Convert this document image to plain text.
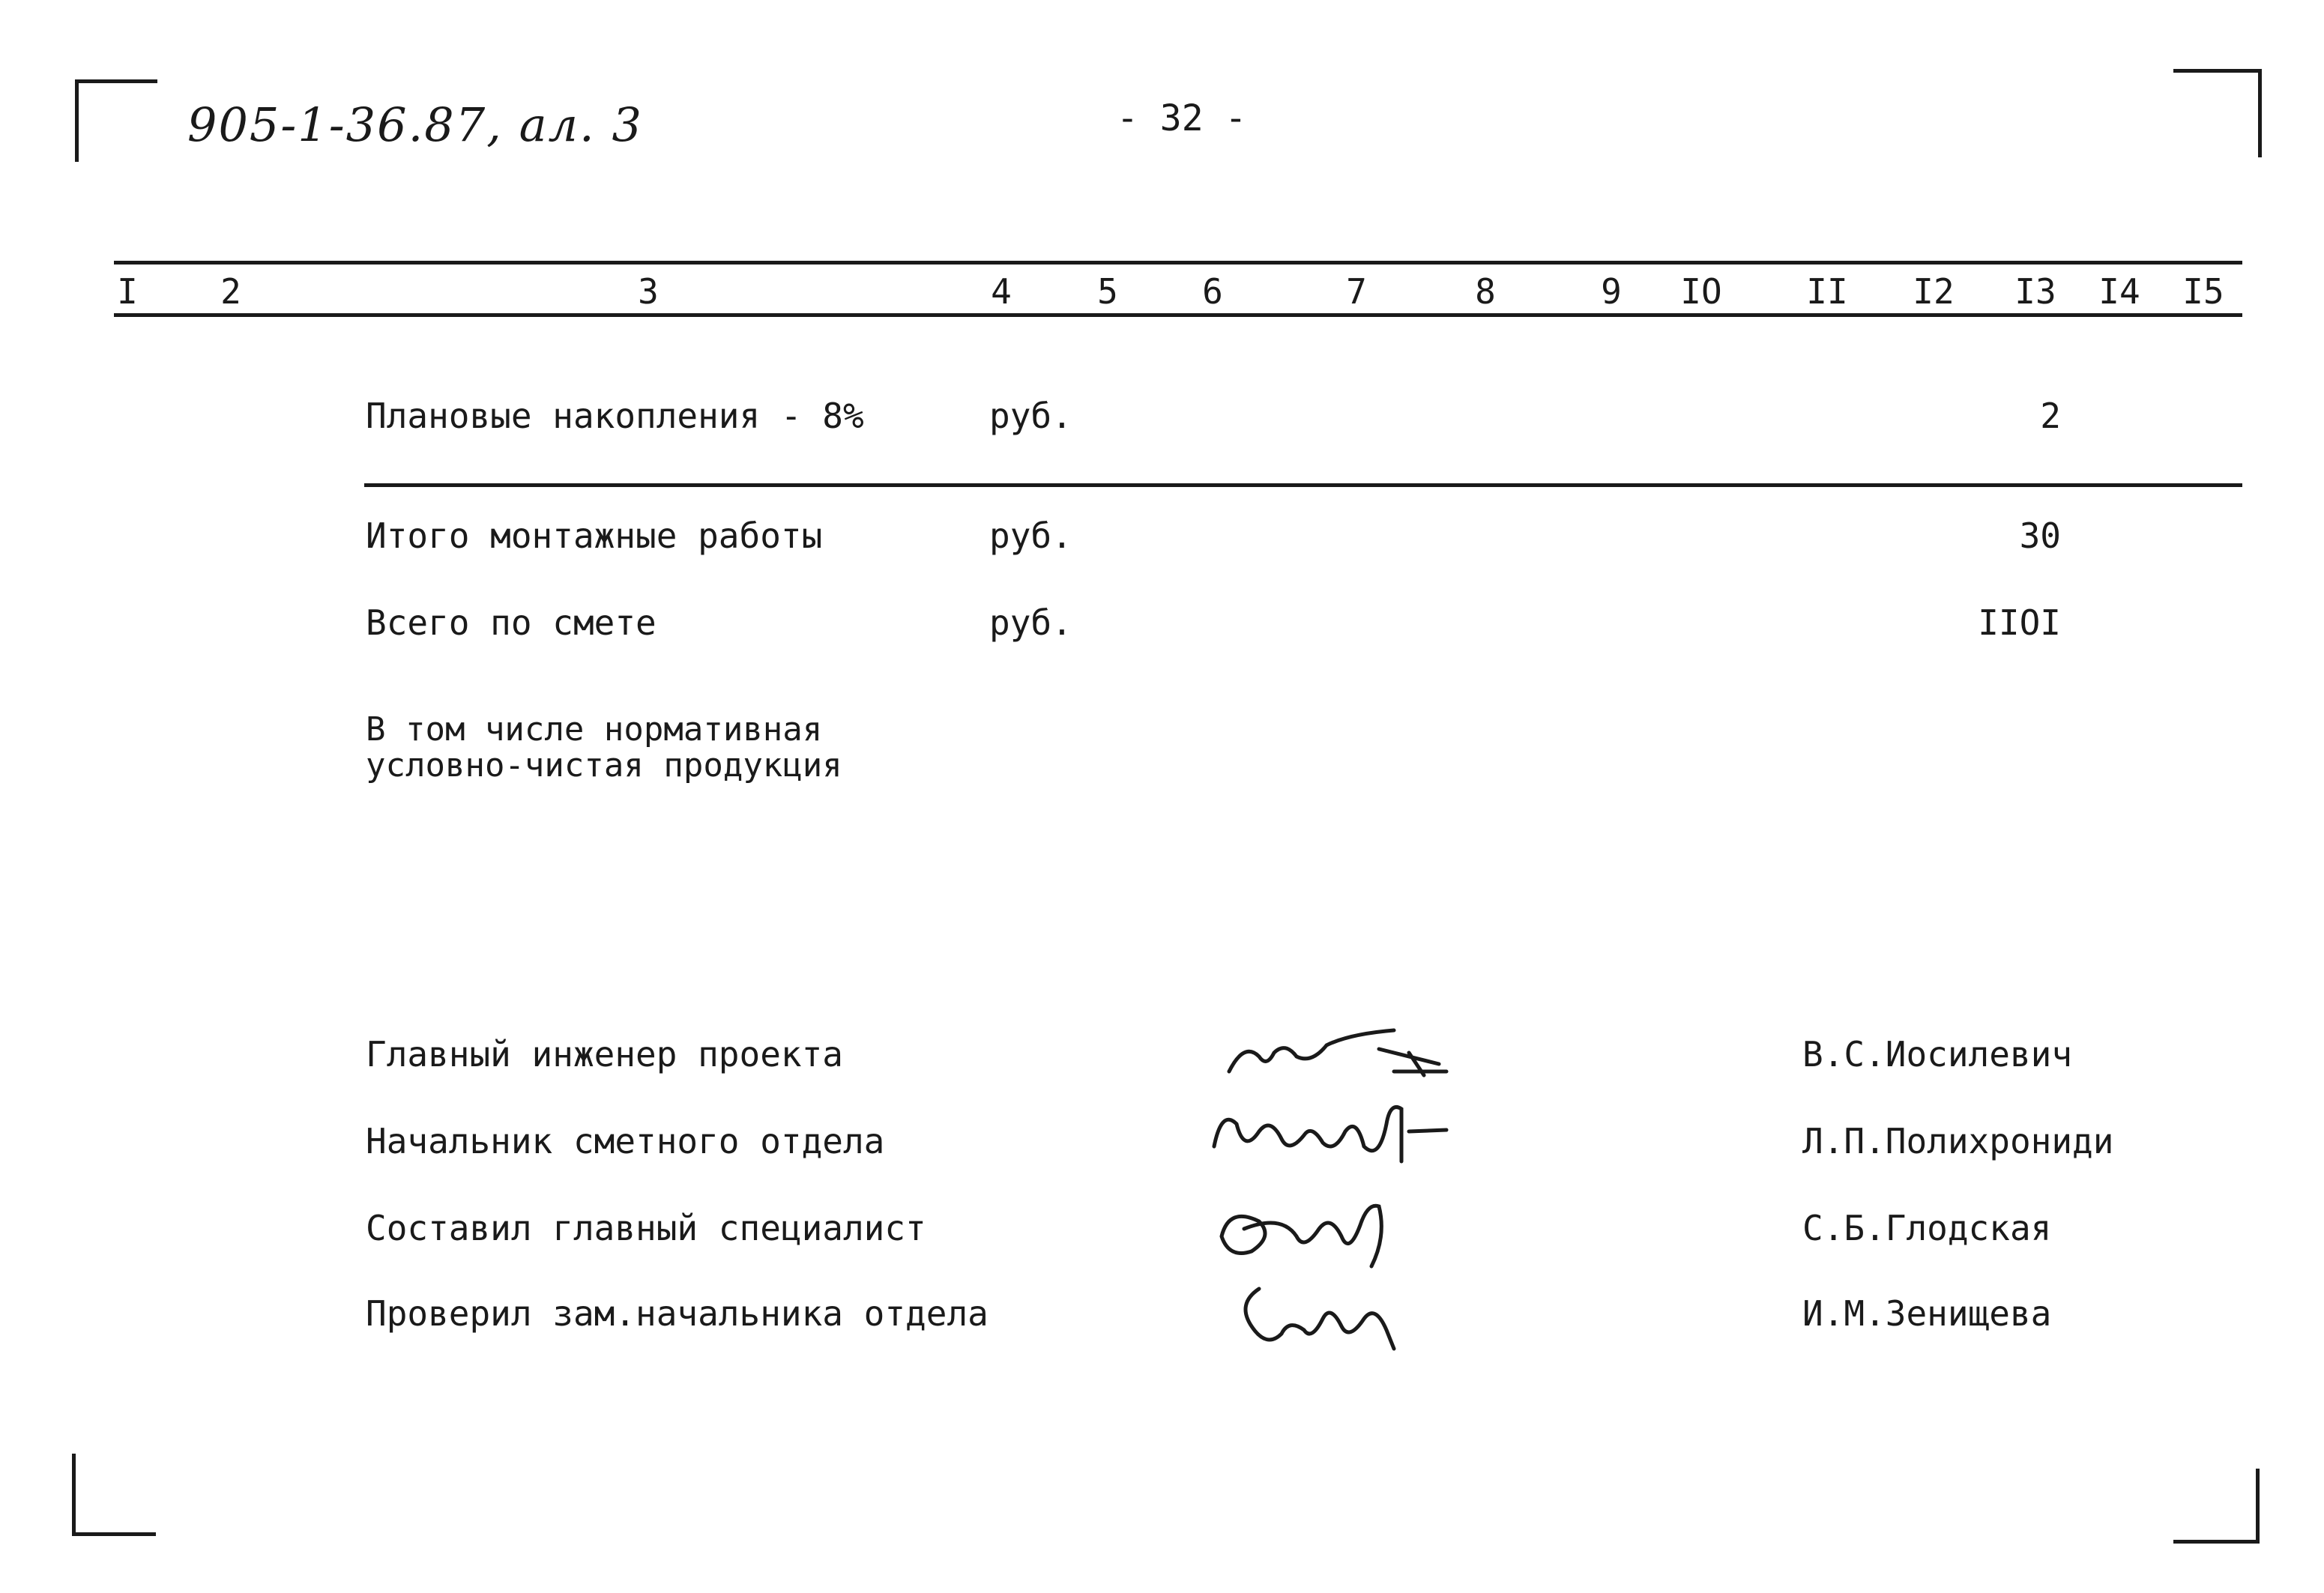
905-1-36.87, ал. 3	- 32 -
I	2	3	4	5	6	7	8	9	IO II I2 I3 I4 I5
Плановые накопления - 8%	руб.	2
Итого монтажные работы	руб.	30
Всего по смете	руб.	IIOI
В том числе нормативная
условно-чистая продукция
Главный инженер проекта	В.С.Иосилевич
Начальник сметного отдела	Л.П.Полихрониди
Составил главный специалист	С.Б.Глодская
Проверил зам.начальника отдела	И.М.Зенищева
